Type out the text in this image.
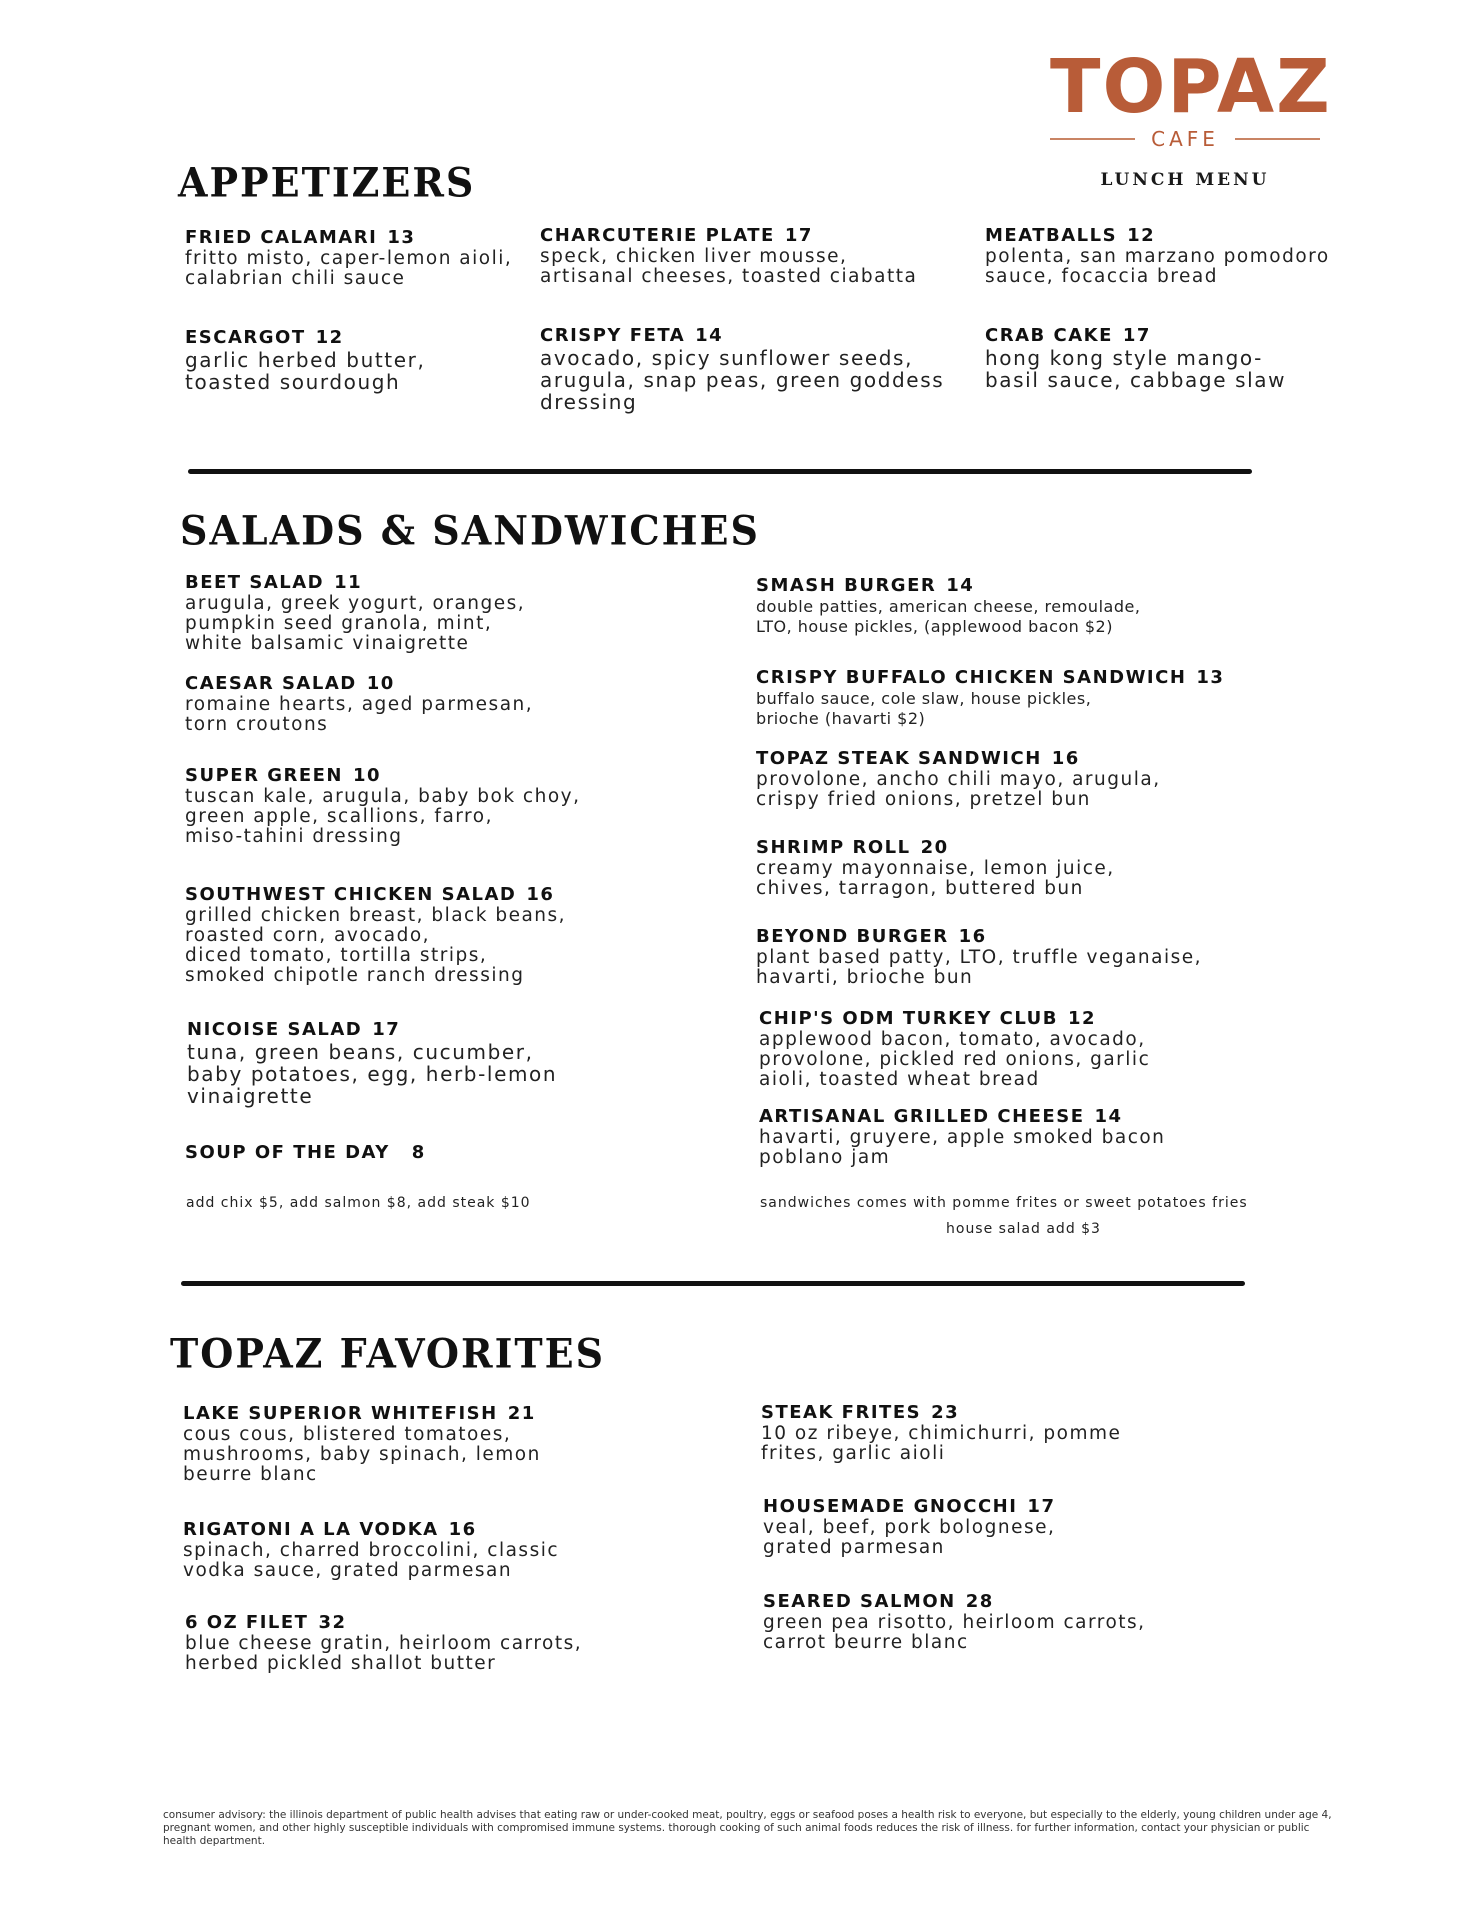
TOPAZ
CAFE
LUNCH MENU
APPETIZERS
FRIED CALAMARI 13
fritto misto, caper-lemon aioli,
calabrian chili sauce
CHARCUTERIE PLATE 17
speck, chicken liver mousse,
artisanal cheeses, toasted ciabatta
MEATBALLS 12
polenta, san marzano pomodoro
sauce, focaccia bread
ESCARGOT 12
garlic herbed butter,
toasted sourdough
CRISPY FETA 14
avocado, spicy sunflower seeds,
arugula, snap peas, green goddess
dressing
CRAB CAKE 17
hong kong style mango-
basil sauce, cabbage slaw
SALADS & SANDWICHES
BEET SALAD 11
arugula, greek yogurt, oranges,
pumpkin seed granola, mint,
white balsamic vinaigrette
CAESAR SALAD 10
romaine hearts, aged parmesan,
torn croutons
SUPER GREEN 10
tuscan kale, arugula, baby bok choy,
green apple, scallions, farro,
miso-tahini dressing
SOUTHWEST CHICKEN SALAD 16
grilled chicken breast, black beans,
roasted corn, avocado,
diced tomato, tortilla strips,
smoked chipotle ranch dressing
NICOISE SALAD 17
tuna, green beans, cucumber,
baby potatoes, egg, herb-lemon
vinaigrette
SOUP OF THE DAY 8
SMASH BURGER 14
double patties, american cheese, remoulade,
LTO, house pickles, (applewood bacon $2)
CRISPY BUFFALO CHICKEN SANDWICH 13
buffalo sauce, cole slaw, house pickles,
brioche (havarti $2)
TOPAZ STEAK SANDWICH 16
provolone, ancho chili mayo, arugula,
crispy fried onions, pretzel bun
SHRIMP ROLL 20
creamy mayonnaise, lemon juice,
chives, tarragon, buttered bun
BEYOND BURGER 16
plant based patty, LTO, truffle veganaise,
havarti, brioche bun
CHIP'S ODM TURKEY CLUB 12
applewood bacon, tomato, avocado,
provolone, pickled red onions, garlic
aioli, toasted wheat bread
ARTISANAL GRILLED CHEESE 14
havarti, gruyere, apple smoked bacon
poblano jam
add chix $5, add salmon $8, add steak $10	sandwiches comes with pomme frites or sweet potatoes fries
house salad add $3
TOPAZ FAVORITES
LAKE SUPERIOR WHITEFISH 21
cous cous, blistered tomatoes,
mushrooms, baby spinach, lemon
beurre blanc
RIGATONI A LA VODKA 16
spinach, charred broccolini, classic
vodka sauce, grated parmesan
6 OZ FILET 32
blue cheese gratin, heirloom carrots,
herbed pickled shallot butter
STEAK FRITES 23
10 oz ribeye, chimichurri, pomme
frites, garlic aioli
HOUSEMADE GNOCCHI 17
veal, beef, pork bolognese,
grated parmesan
SEARED SALMON 28
green pea risotto, heirloom carrots,
carrot beurre blanc
consumer advisory: the illinois department of public health advises that eating raw or under-cooked meat, poultry, eggs or seafood poses a health risk to everyone, but especially to the elderly, young children under age 4, pregnant women, and other highly susceptible individuals with compromised immune systems. thorough cooking of such animal foods reduces the risk of illness. for further information, contact your physician or public health department.
